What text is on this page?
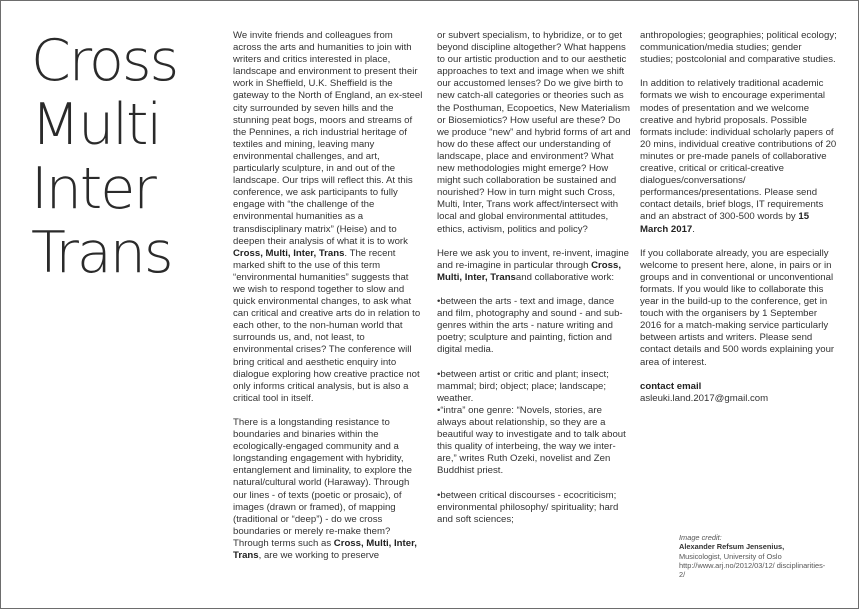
Cross
Multi
Inter
Trans

We invite friends and colleagues from across the arts and humanities to join with writers and critics interested in place, landscape and environment to present their work in Sheffield, U.K. Sheffield is the gateway to the North of England, an ex-steel city surrounded by seven hills and the stunning peat bogs, moors and streams of the Pennines, a rich industrial heritage of textiles and mining, leaving many environmental challenges, and art, particularly sculpture, in and out of the landscape. Our trips will reflect this. At this conference, we ask participants to fully engage with “the challenge of the environmental humanities as a transdisciplinary matrix” (Heise) and to deepen their analysis of what it is to work Cross, Multi, Inter, Trans. The recent marked shift to the use of this term “environmental humanities” suggests that we wish to respond together to slow and quick environmental changes, to ask what can critical and creative arts do in relation to each other, to the non-human world that surrounds us, and, not least, to environmental crises? The conference will bring critical and aesthetic enquiry into dialogue exploring how creative practice not only informs critical analysis, but is also a critical tool in itself.

There is a longstanding resistance to boundaries and binaries within the ecologically-engaged community and a longstanding engagement with hybridity, entanglement and liminality, to explore the natural/cultural world (Haraway). Through our lines - of texts (poetic or prosaic), of images (drawn or framed), of mapping (traditional or “deep”) - do we cross boundaries or merely re-make them? Through terms such as Cross, Multi, Inter, Trans, are we working to preserve

or subvert specialism, to hybridize, or to get beyond discipline altogether? What happens to our artistic production and to our aesthetic approaches to text and image when we shift our accustomed lenses? Do we give birth to new catch-all categories or theories such as the Posthuman, Ecopoetics, New Materialism or Biosemiotics? How useful are these? Do we produce “new” and hybrid forms of art and how do these affect our understanding of landscape, place and environment? What new methodologies might emerge? How might such collaboration be sustained and nourished? How in turn might such Cross, Multi, Inter, Trans work affect/intersect with local and global environmental attitudes, ethics, activism, politics and policy?

Here we ask you to invent, re-invent, imagine and re-imagine in particular through Cross, Multi, Inter, Transand collaborative work:

•between the arts - text and image, dance and film, photography and sound - and sub-genres within the arts - nature writing and poetry; sculpture and painting, fiction and digital media.

•between artist or critic and plant; insect; mammal; bird; object; place; landscape; weather.

•“intra” one genre: “Novels, stories, are always about relationship, so they are a beautiful way to investigate and to talk about this quality of interbeing, the way we inter-are,” writes Ruth Ozeki, novelist and Zen Buddhist priest.

•between critical discourses - ecocriticism; environmental philosophy/ spirituality; hard and soft sciences;

anthropologies; geographies; political ecology; communication/media studies; gender studies; postcolonial and comparative studies.

In addition to relatively traditional academic formats we wish to encourage experimental modes of presentation and we welcome creative and hybrid proposals. Possible formats include: individual scholarly papers of 20 mins, individual creative contributions of 20 minutes or pre-made panels of collaborative creative, critical or critical-creative dialogues/conversations/ performances/presentations. Please send contact details, brief blogs, IT requirements and an abstract of 300-500 words by 15 March 2017.

If you collaborate already, you are especially welcome to present here, alone, in pairs or in groups and in conventional or unconventional formats. If you would like to collaborate this year in the build-up to the conference, get in touch with the organisers by 1 September 2016 for a match-making service particularly between artists and writers. Please send contact details and 500 words explaining your area of interest.

contact email
asleuki.land.2017@gmail.com
Image credit:
Alexander Refsum Jensenius,
Musicologist, University of Oslo
http://www.arj.no/2012/03/12/ disciplinarities-2/
